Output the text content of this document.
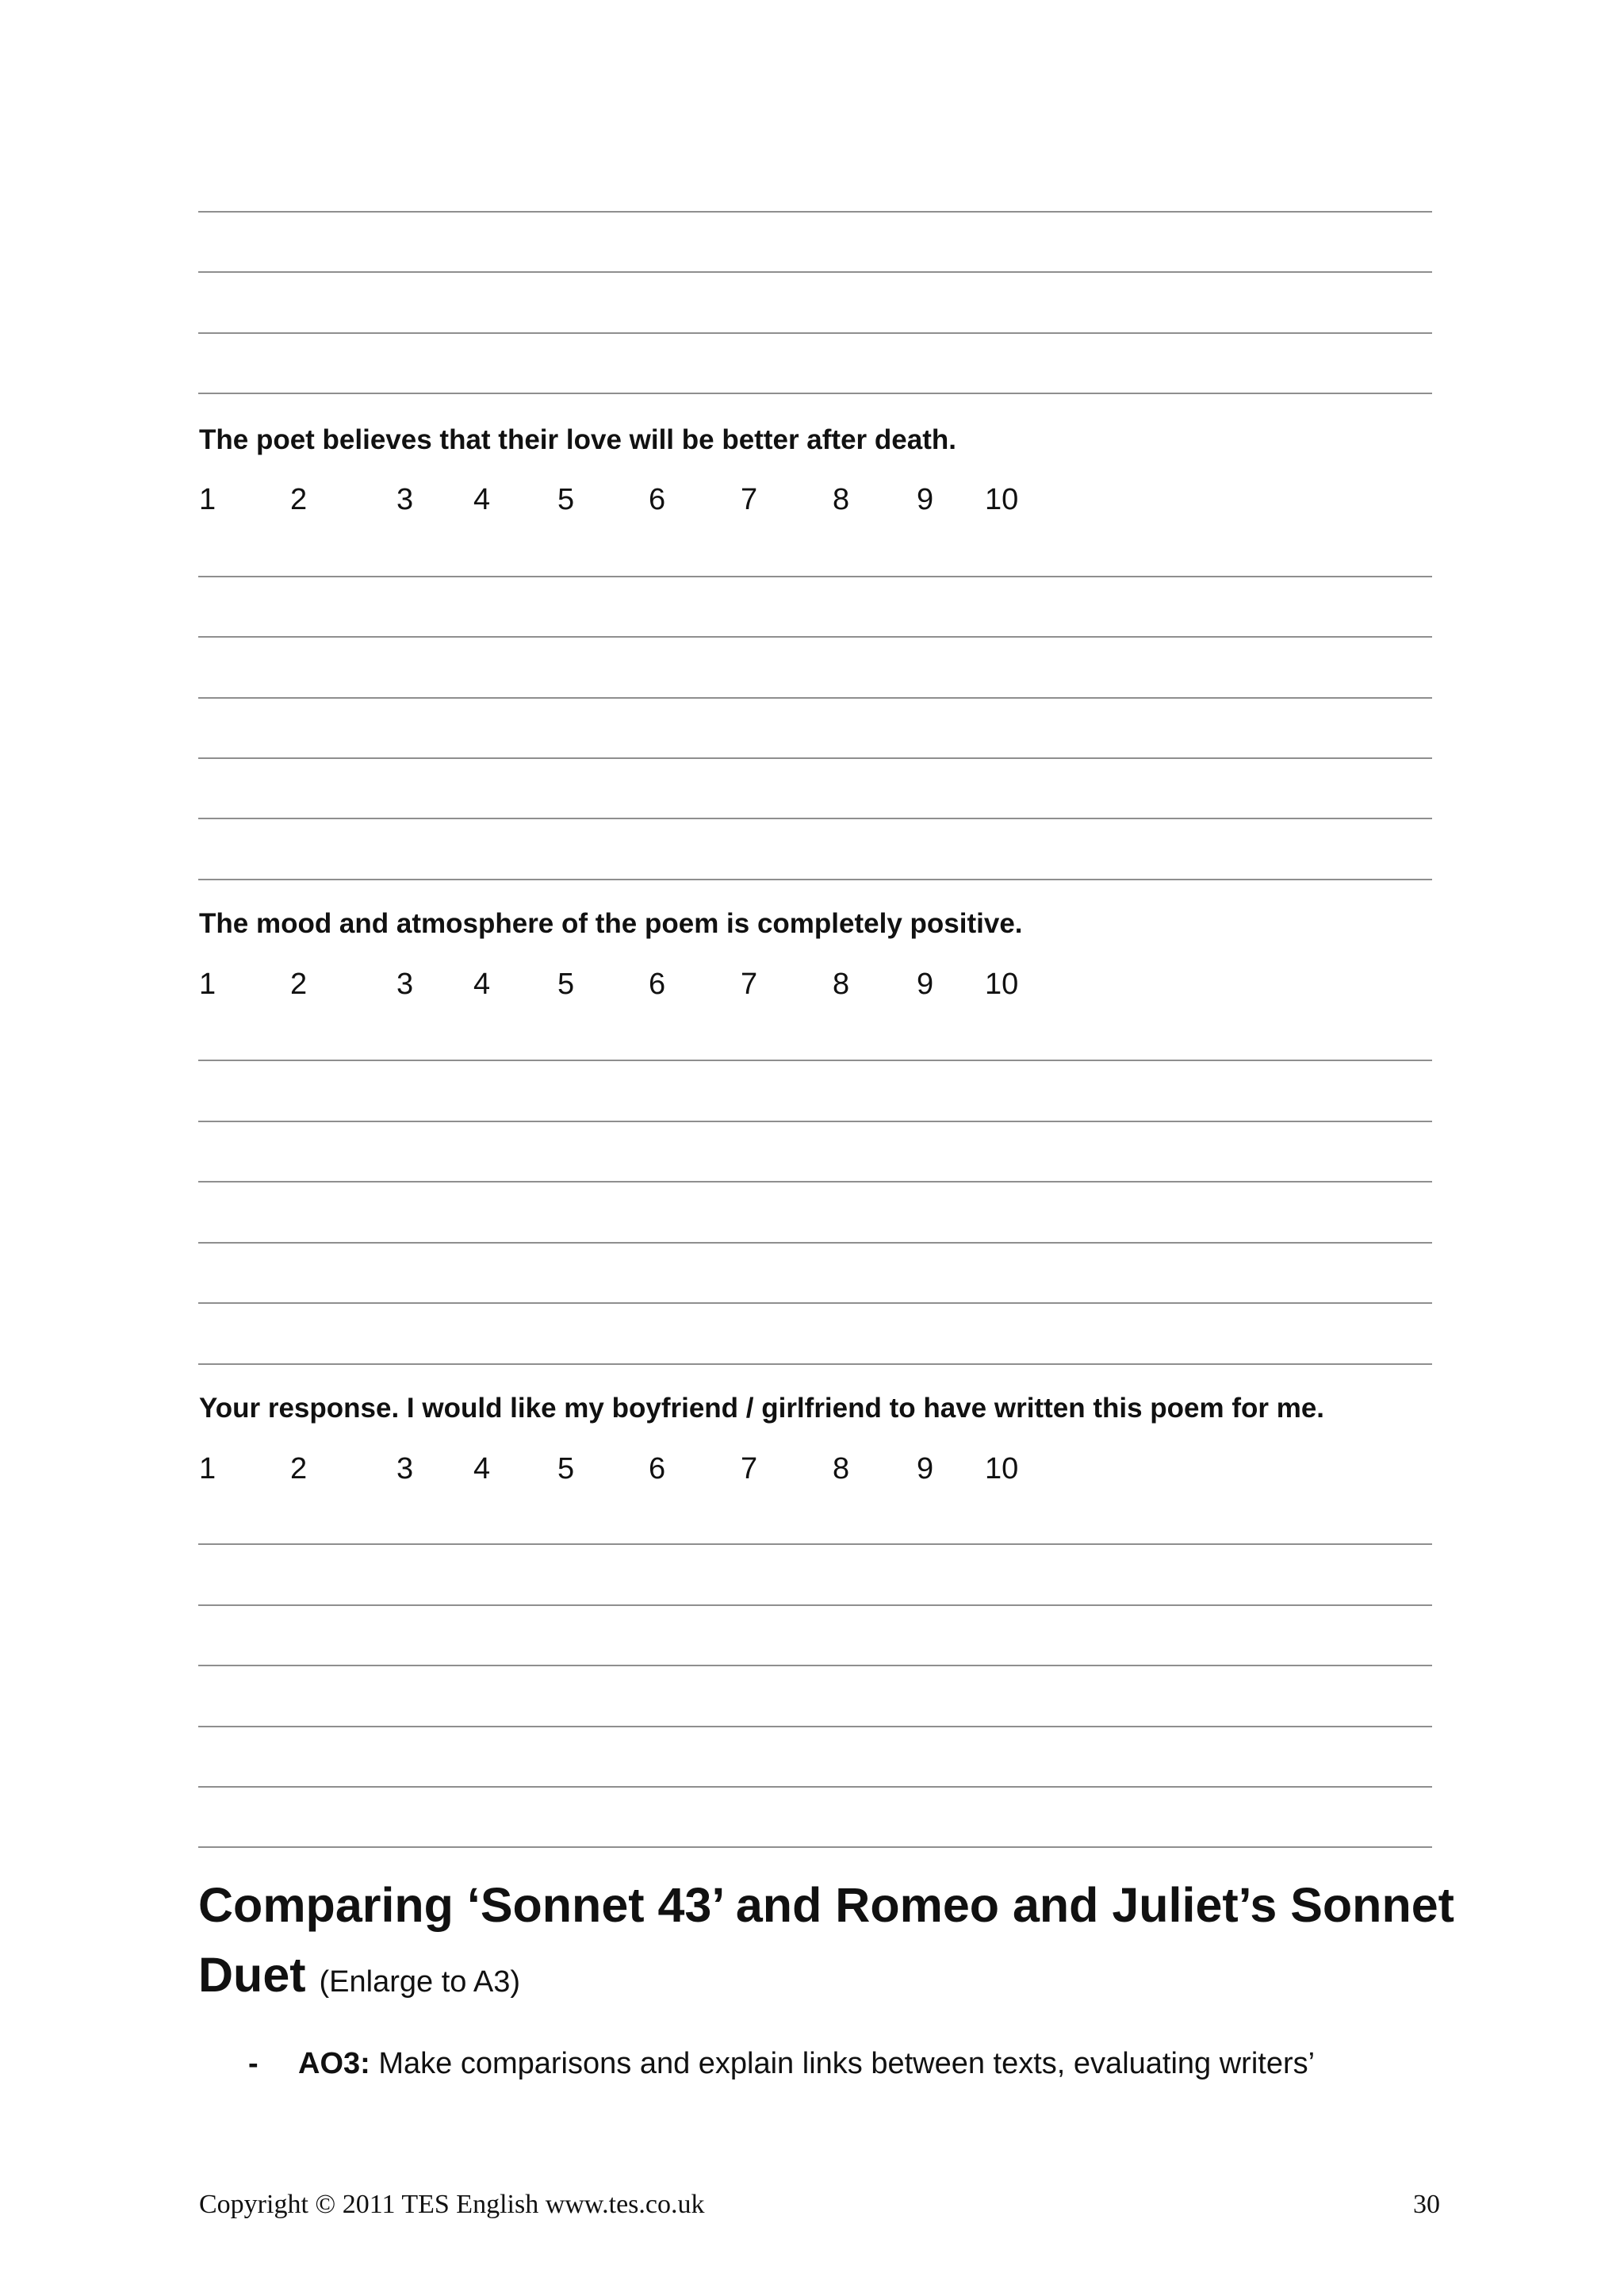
The poet believes that their love will be better after death.
1 2	3 4 5 6 7 8 9 10
The mood and atmosphere of the poem is completely positive.
1 2	3 4 5 6 7 8 9 10
Your response. I would like my boyfriend / girlfriend to have written this poem for me.
1 2	3 4 5 6 7 8 9 10
Comparing ‘Sonnet 43’ and Romeo and Juliet’s Sonnet
Duet (Enlarge to A3)
- AO3: Make comparisons and explain links between texts, evaluating writers’
Copyright © 2011 TES English www.tes.co.uk	30
